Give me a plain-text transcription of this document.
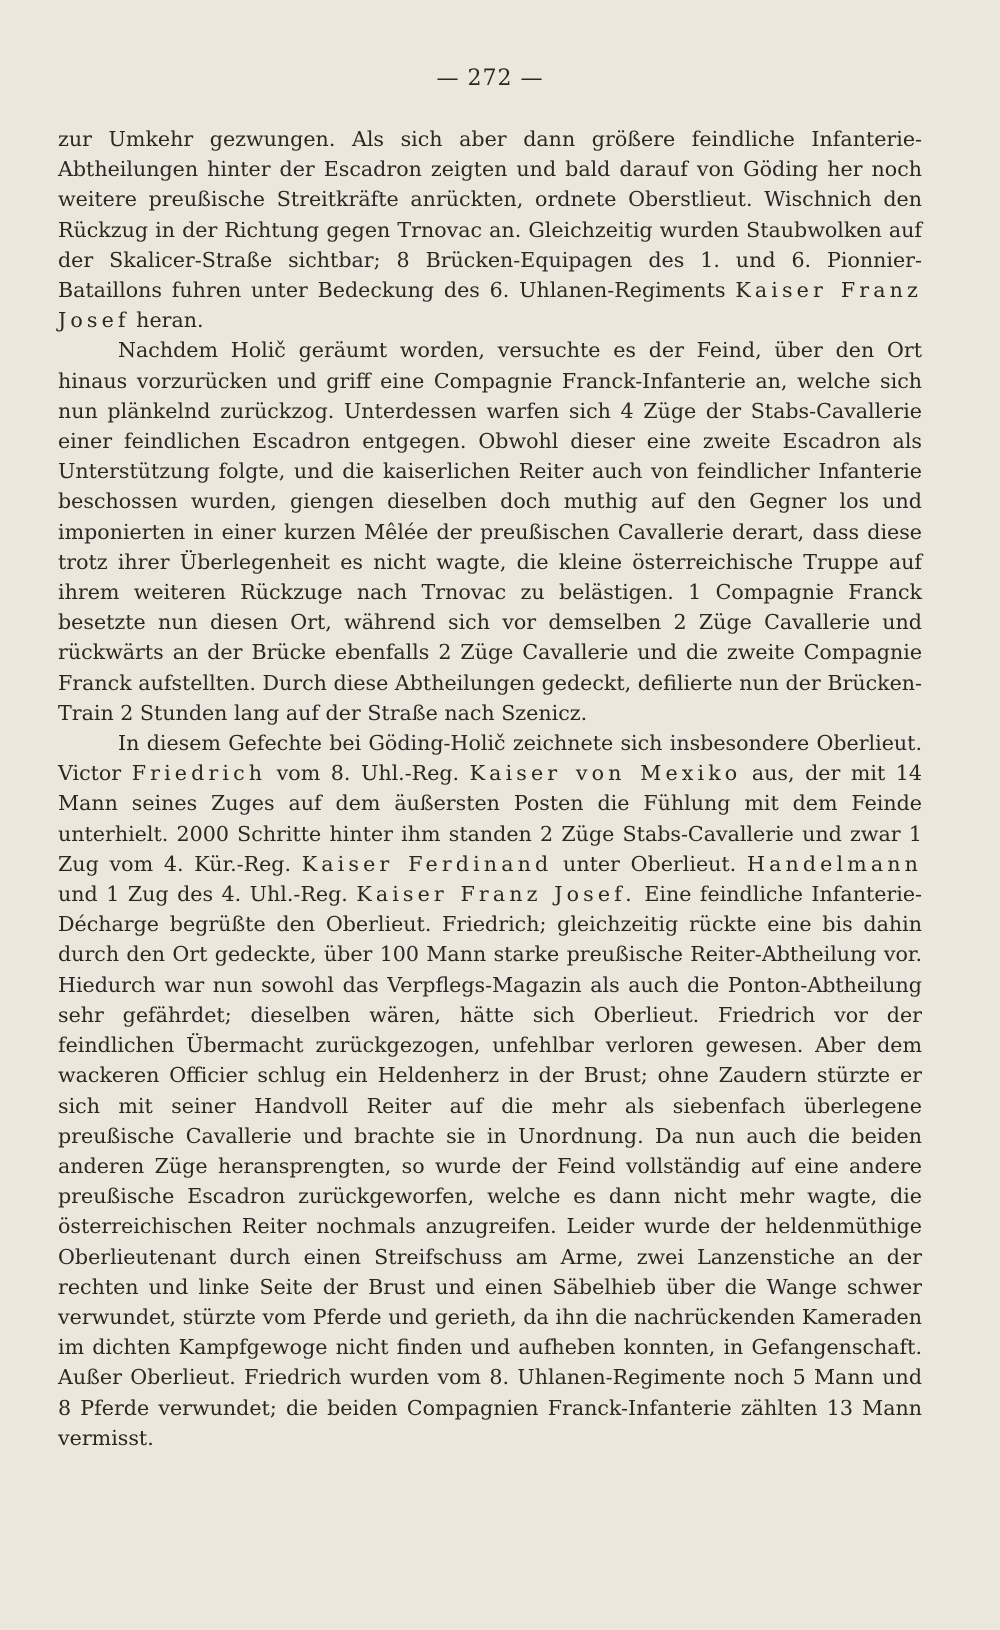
— 272 —

zur Umkehr gezwungen. Als sich aber dann größere feindliche Infanterie-Abtheilungen hinter der Escadron zeigten und bald darauf von Göding her noch weitere preußische Streitkräfte anrückten, ordnete Oberstlieut. Wischnich den Rückzug in der Richtung gegen Trnovac an. Gleichzeitig wurden Staubwolken auf der Skalicer-Straße sichtbar; 8 Brücken-Equipagen des 1. und 6. Pionnier-Bataillons fuhren unter Bedeckung des 6. Uhlanen-Regiments Kaiser Franz Josef heran.

Nachdem Holič geräumt worden, versuchte es der Feind, über den Ort hinaus vorzurücken und griff eine Compagnie Franck-Infanterie an, welche sich nun plänkelnd zurückzog. Unterdessen warfen sich 4 Züge der Stabs-Cavallerie einer feindlichen Escadron entgegen. Obwohl dieser eine zweite Escadron als Unterstützung folgte, und die kaiserlichen Reiter auch von feindlicher Infanterie beschossen wurden, giengen dieselben doch muthig auf den Gegner los und imponierten in einer kurzen Mêlée der preußischen Cavallerie derart, dass diese trotz ihrer Überlegenheit es nicht wagte, die kleine österreichische Truppe auf ihrem weiteren Rückzuge nach Trnovac zu belästigen. 1 Compagnie Franck besetzte nun diesen Ort, während sich vor demselben 2 Züge Cavallerie und rückwärts an der Brücke ebenfalls 2 Züge Cavallerie und die zweite Compagnie Franck aufstellten. Durch diese Abtheilungen gedeckt, defilierte nun der Brücken-Train 2 Stunden lang auf der Straße nach Szenicz.

In diesem Gefechte bei Göding-Holič zeichnete sich insbesondere Oberlieut. Victor Friedrich vom 8. Uhl.-Reg. Kaiser von Mexiko aus, der mit 14 Mann seines Zuges auf dem äußersten Posten die Fühlung mit dem Feinde unterhielt. 2000 Schritte hinter ihm standen 2 Züge Stabs-Cavallerie und zwar 1 Zug vom 4. Kür.-Reg. Kaiser Ferdinand unter Oberlieut. Handelmann und 1 Zug des 4. Uhl.-Reg. Kaiser Franz Josef. Eine feindliche Infanterie-Décharge begrüßte den Oberlieut. Friedrich; gleichzeitig rückte eine bis dahin durch den Ort gedeckte, über 100 Mann starke preußische Reiter-Abtheilung vor. Hiedurch war nun sowohl das Verpflegs-Magazin als auch die Ponton-Abtheilung sehr gefährdet; dieselben wären, hätte sich Oberlieut. Friedrich vor der feindlichen Übermacht zurückgezogen, unfehlbar verloren gewesen. Aber dem wackeren Officier schlug ein Heldenherz in der Brust; ohne Zaudern stürzte er sich mit seiner Handvoll Reiter auf die mehr als siebenfach überlegene preußische Cavallerie und brachte sie in Unordnung. Da nun auch die beiden anderen Züge heransprengten, so wurde der Feind vollständig auf eine andere preußische Escadron zurückgeworfen, welche es dann nicht mehr wagte, die österreichischen Reiter nochmals anzugreifen. Leider wurde der heldenmüthige Oberlieutenant durch einen Streifschuss am Arme, zwei Lanzenstiche an der rechten und linke Seite der Brust und einen Säbelhieb über die Wange schwer verwundet, stürzte vom Pferde und gerieth, da ihn die nachrückenden Kameraden im dichten Kampfgewoge nicht finden und aufheben konnten, in Gefangenschaft. Außer Oberlieut. Friedrich wurden vom 8. Uhlanen-Regimente noch 5 Mann und 8 Pferde verwundet; die beiden Compagnien Franck-Infanterie zählten 13 Mann vermisst.
